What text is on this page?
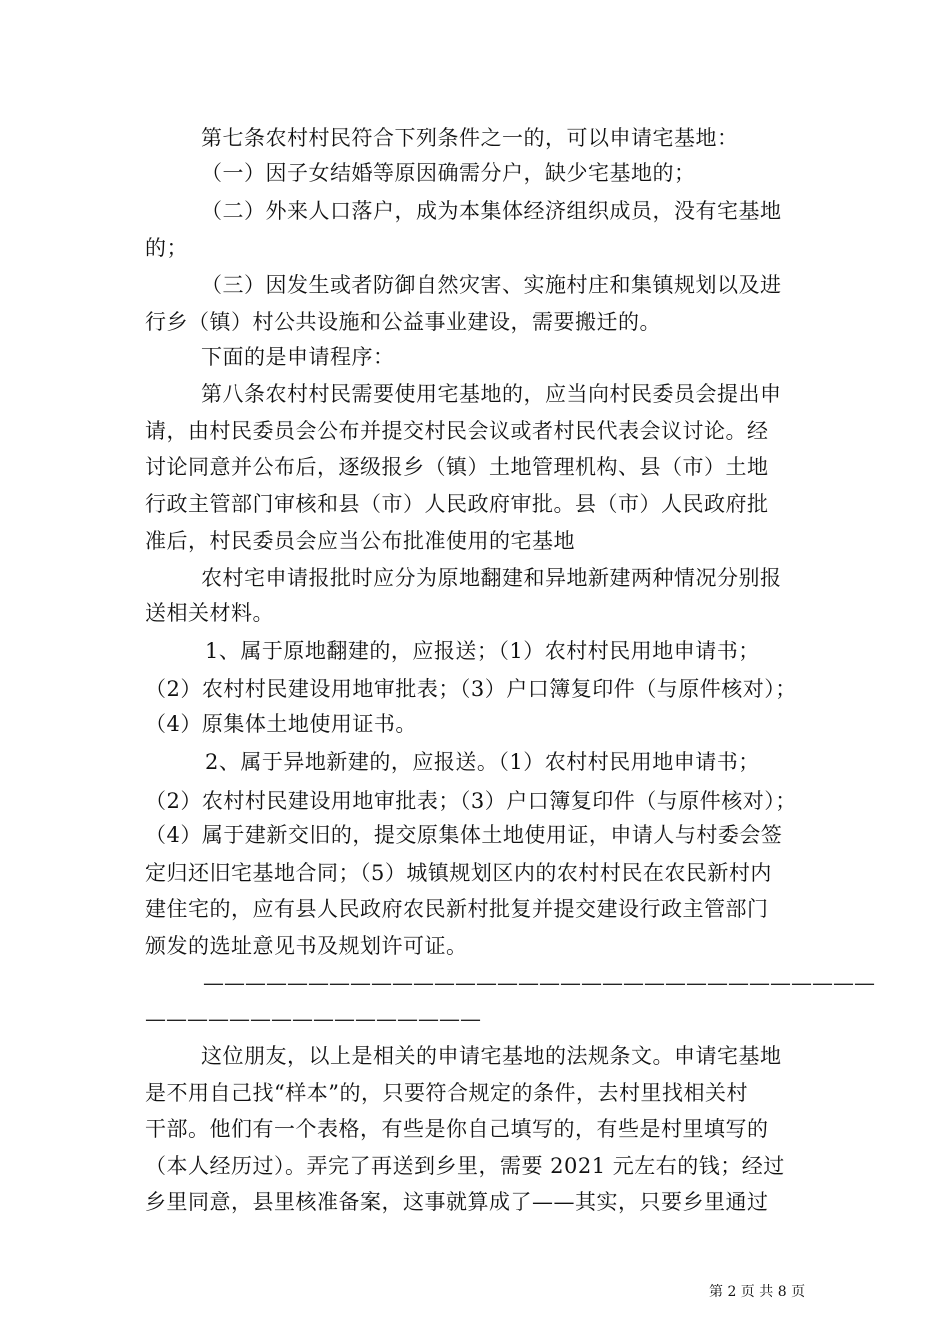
第七条农村村民符合下列条件之一的，可以申请宅基地：
（一）因子女结婚等原因确需分户，缺少宅基地的；
（二）外来人口落户，成为本集体经济组织成员，没有宅基地
的；
（三）因发生或者防御自然灾害、实施村庄和集镇规划以及进
行乡（镇）村公共设施和公益事业建设，需要搬迁的。
下面的是申请程序：
第八条农村村民需要使用宅基地的，应当向村民委员会提出申
请，由村民委员会公布并提交村民会议或者村民代表会议讨论。经
讨论同意并公布后，逐级报乡（镇）土地管理机构、县（市）土地
行政主管部门审核和县（市）人民政府审批。县（市）人民政府批
准后，村民委员会应当公布批准使用的宅基地
农村宅申请报批时应分为原地翻建和异地新建两种情况分别报
送相关材料。
1、属于原地翻建的，应报送；（1）农村村民用地申请书；
（2）农村村民建设用地审批表；（3）户口簿复印件（与原件核对）；
（4）原集体土地使用证书。
2、属于异地新建的，应报送。（1）农村村民用地申请书；
（2）农村村民建设用地审批表；（3）户口簿复印件（与原件核对）；
（4）属于建新交旧的，提交原集体土地使用证，申请人与村委会签
定归还旧宅基地合同；（5）城镇规划区内的农村村民在农民新村内
建住宅的，应有县人民政府农民新村批复并提交建设行政主管部门
颁发的选址意见书及规划许可证。
————————————————————————————————
————————————————
这位朋友，以上是相关的申请宅基地的法规条文。申请宅基地
是不用自己找“样本”的，只要符合规定的条件，去村里找相关村
干部。他们有一个表格，有些是你自己填写的，有些是村里填写的
（本人经历过）。弄完了再送到乡里，需要 2021 元左右的钱；经过
乡里同意，县里核准备案，这事就算成了——其实，只要乡里通过
第 2 页 共 8 页
